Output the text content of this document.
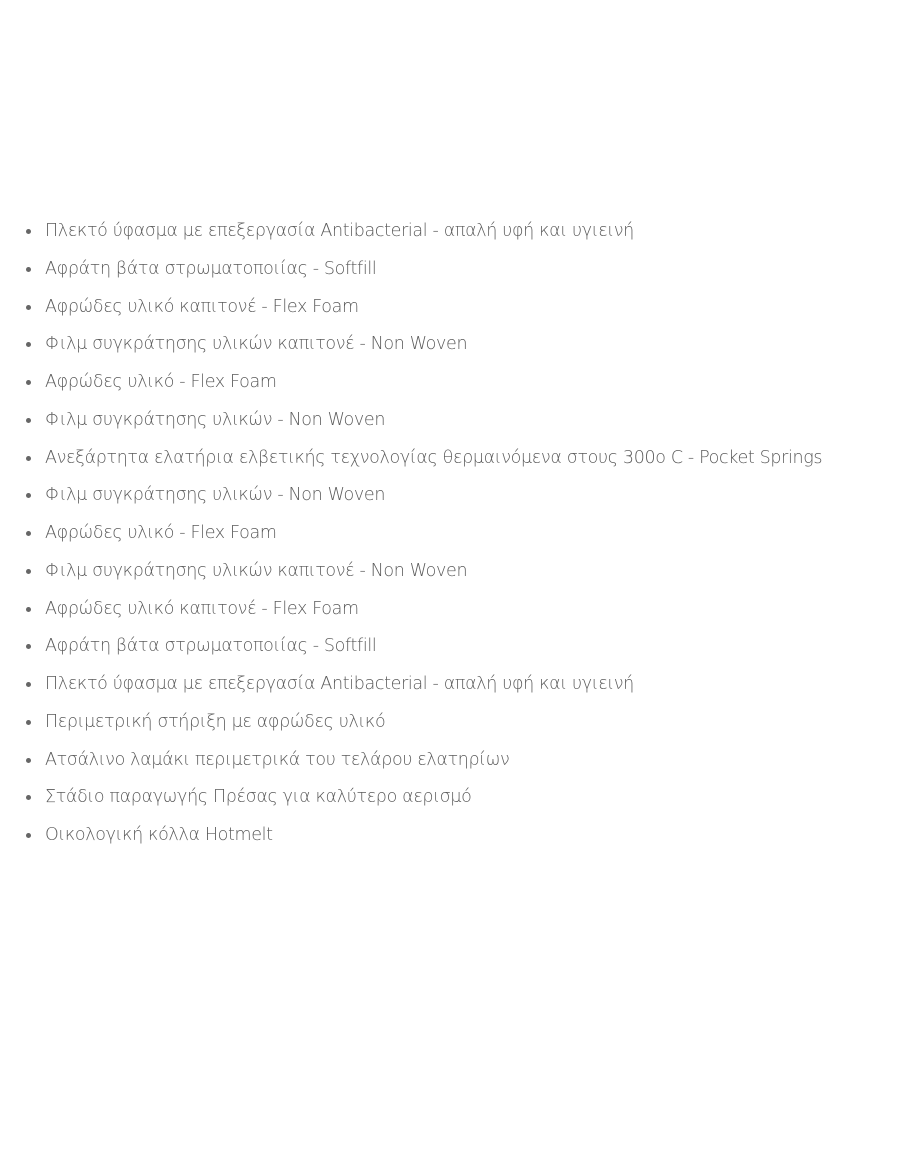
Πλεκτό ύφασμα με επεξεργασία Antibacterial - απαλή υφή και υγιεινή
Αφράτη βάτα στρωματοποιίας - Softfill
Αφρώδες υλικό καπιτονέ - Flex Foam
Φιλμ συγκράτησης υλικών καπιτονέ - Non Woven
Αφρώδες υλικό - Flex Foam
Φιλμ συγκράτησης υλικών - Non Woven
Ανεξάρτητα ελατήρια ελβετικής τεχνολογίας θερμαινόμενα στους 300ο C - Pocket Springs
Φιλμ συγκράτησης υλικών - Non Woven
Αφρώδες υλικό - Flex Foam
Φιλμ συγκράτησης υλικών καπιτονέ - Non Woven
Αφρώδες υλικό καπιτονέ - Flex Foam
Αφράτη βάτα στρωματοποιίας - Softfill
Πλεκτό ύφασμα με επεξεργασία Antibacterial - απαλή υφή και υγιεινή
Περιμετρική στήριξη με αφρώδες υλικό
Ατσάλινο λαμάκι περιμετρικά του τελάρου ελατηρίων
Στάδιο παραγωγής Πρέσας για καλύτερο αερισμό
Οικολογική κόλλα Hotmelt
